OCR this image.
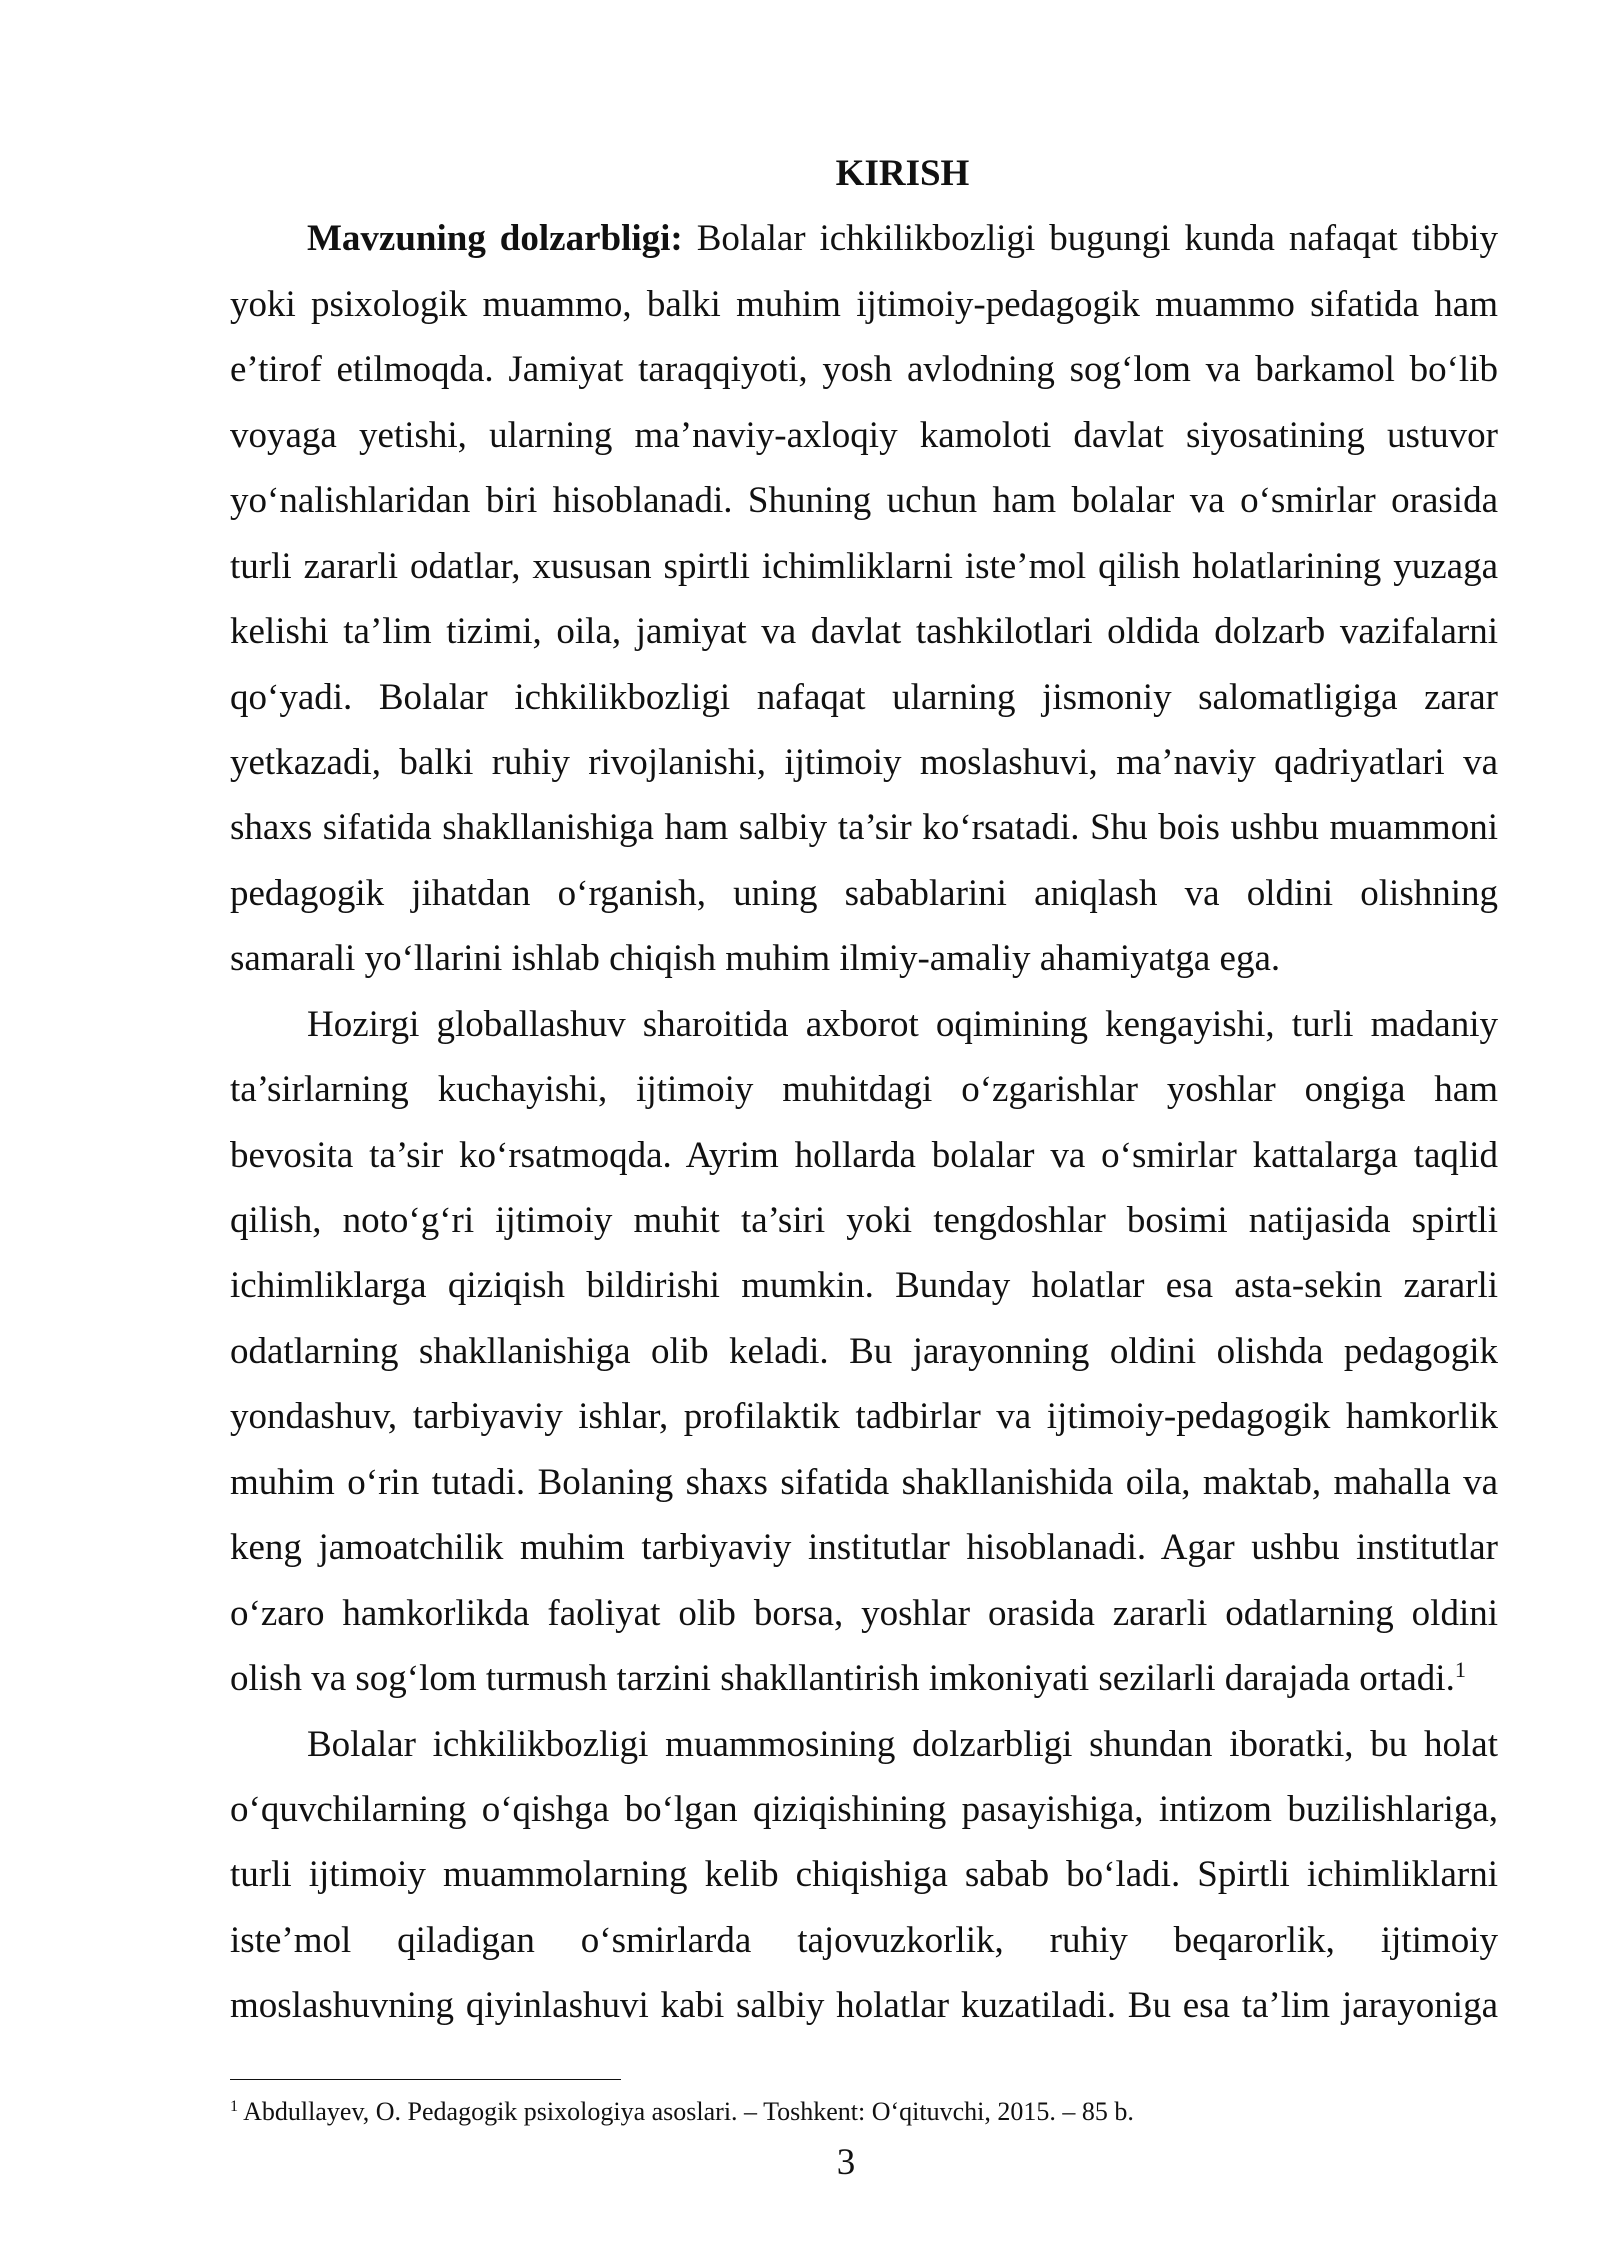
KIRISH
Mavzuning dolzarbligi: Bolalar ichkilikbozligi bugungi kunda nafaqat tibbiy
yoki psixologik muammo, balki muhim ijtimoiy-pedagogik muammo sifatida ham
e’tirof etilmoqda. Jamiyat taraqqiyoti, yosh avlodning sog‘lom va barkamol bo‘lib
voyaga yetishi, ularning ma’naviy-axloqiy kamoloti davlat siyosatining ustuvor
yo‘nalishlaridan biri hisoblanadi. Shuning uchun ham bolalar va o‘smirlar orasida
turli zararli odatlar, xususan spirtli ichimliklarni iste’mol qilish holatlarining yuzaga
kelishi ta’lim tizimi, oila, jamiyat va davlat tashkilotlari oldida dolzarb vazifalarni
qo‘yadi. Bolalar ichkilikbozligi nafaqat ularning jismoniy salomatligiga zarar
yetkazadi, balki ruhiy rivojlanishi, ijtimoiy moslashuvi, ma’naviy qadriyatlari va
shaxs sifatida shakllanishiga ham salbiy ta’sir ko‘rsatadi. Shu bois ushbu muammoni
pedagogik jihatdan o‘rganish, uning sabablarini aniqlash va oldini olishning
samarali yo‘llarini ishlab chiqish muhim ilmiy-amaliy ahamiyatga ega.
Hozirgi globallashuv sharoitida axborot oqimining kengayishi, turli madaniy
ta’sirlarning kuchayishi, ijtimoiy muhitdagi o‘zgarishlar yoshlar ongiga ham
bevosita ta’sir ko‘rsatmoqda. Ayrim hollarda bolalar va o‘smirlar kattalarga taqlid
qilish, noto‘g‘ri ijtimoiy muhit ta’siri yoki tengdoshlar bosimi natijasida spirtli
ichimliklarga qiziqish bildirishi mumkin. Bunday holatlar esa asta-sekin zararli
odatlarning shakllanishiga olib keladi. Bu jarayonning oldini olishda pedagogik
yondashuv, tarbiyaviy ishlar, profilaktik tadbirlar va ijtimoiy-pedagogik hamkorlik
muhim o‘rin tutadi. Bolaning shaxs sifatida shakllanishida oila, maktab, mahalla va
keng jamoatchilik muhim tarbiyaviy institutlar hisoblanadi. Agar ushbu institutlar
o‘zaro hamkorlikda faoliyat olib borsa, yoshlar orasida zararli odatlarning oldini
olish va sog‘lom turmush tarzini shakllantirish imkoniyati sezilarli darajada ortadi.$^1$
Bolalar ichkilikbozligi muammosining dolzarbligi shundan iboratki, bu holat
o‘quvchilarning o‘qishga bo‘lgan qiziqishining pasayishiga, intizom buzilishlariga,
turli ijtimoiy muammolarning kelib chiqishiga sabab bo‘ladi. Spirtli ichimliklarni
iste’mol qiladigan o‘smirlarda tajovuzkorlik, ruhiy beqarorlik, ijtimoiy
moslashuvning qiyinlashuvi kabi salbiy holatlar kuzatiladi. Bu esa ta’lim jarayoniga
$^1$ Abdullayev, O. Pedagogik psixologiya asoslari. – Toshkent: O‘qituvchi, 2015. – 85 b.
3
